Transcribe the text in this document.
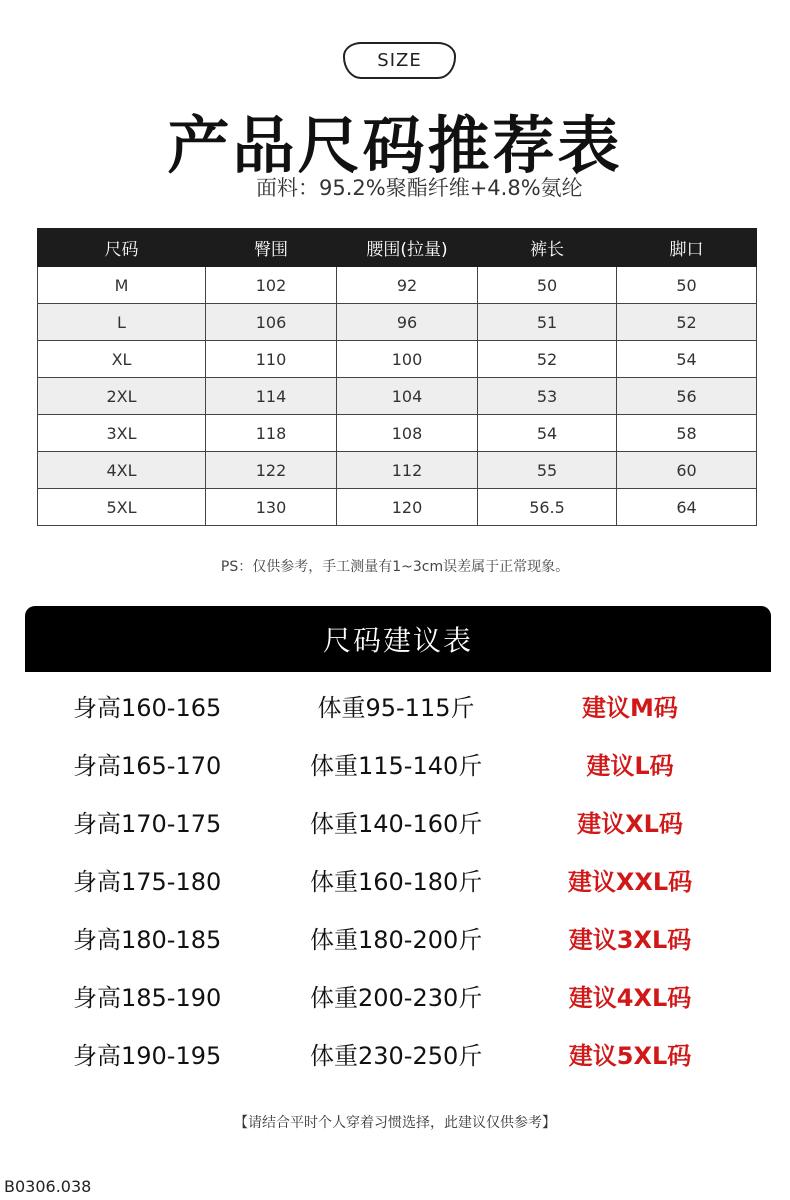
SIZE
产品尺码推荐表
面料：95.2%聚酯纤维+4.8%氨纶
尺码	臀围	腰围(拉量)	裤长	脚口
M	102	92	50	50
L	106	96	51	52
XL	110	100	52	54
2XL	114	104	53	56
3XL	118	108	54	58
4XL	122	112	55	60
5XL	130	120	56.5	64
PS：仅供参考，手工测量有1~3cm误差属于正常现象。
尺码建议表
身高160-165	体重95-115斤	建议M码
身高165-170	体重115-140斤	建议L码
身高170-175	体重140-160斤	建议XL码
身高175-180	体重160-180斤	建议XXL码
身高180-185	体重180-200斤	建议3XL码
身高185-190	体重200-230斤	建议4XL码
身高190-195	体重230-250斤	建议5XL码
【请结合平时个人穿着习惯选择，此建议仅供参考】
B0306.038
